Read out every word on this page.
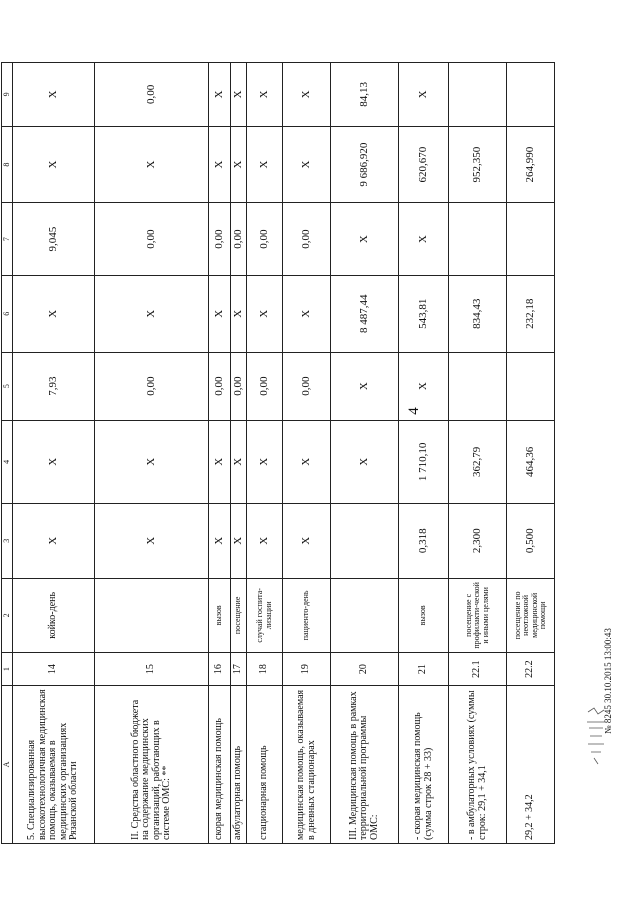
4
А	1	2	3	4	5	6	7	8	9
5. Специализированная высокотехнологичная медицинская помощь, оказываемая в медицинских организациях Рязанской области	14	койко-день	X	X	7,93	X	9,045	X	X
II. Средства областного бюджета на содержание медицинских организаций, работающих в системе ОМС: **	15		X	X	0,00	X	0,00	X	0,00
скорая медицинская помощь	16	вызов	X	X	0,00	X	0,00	X	X
амбулаторная помощь	17	посещение	X	X	0,00	X	0,00	X	X
стационарная помощь	18	случай госпита-лизации	X	X	0,00	X	0,00	X	X
медицинская помощь, оказываемая в дневных стационарах	19	пациенто-день	X	X	0,00	X	0,00	X	X
III. Медицинская помощь в рамках территориальной программы ОМС:	20			X	X	8 487,44	X	9 686,920	84,13
- скорая медицинская помощь (сумма строк 28 + 33)	21	вызов	0,318	1 710,10	X	543,81	X	620,670	X
- в амбулаторных условиях (суммы строк: 29,1 + 34,1	22.1	посещение с профилакти-ческой и иными целями	2,300	362,79		834,43		952,350	
29,2 + 34,2	22.2	посещение по неотложной медицинской помощи	0,500	464,36		232,18		264,990	
№ 8245 30.10.2015 13:00:43
